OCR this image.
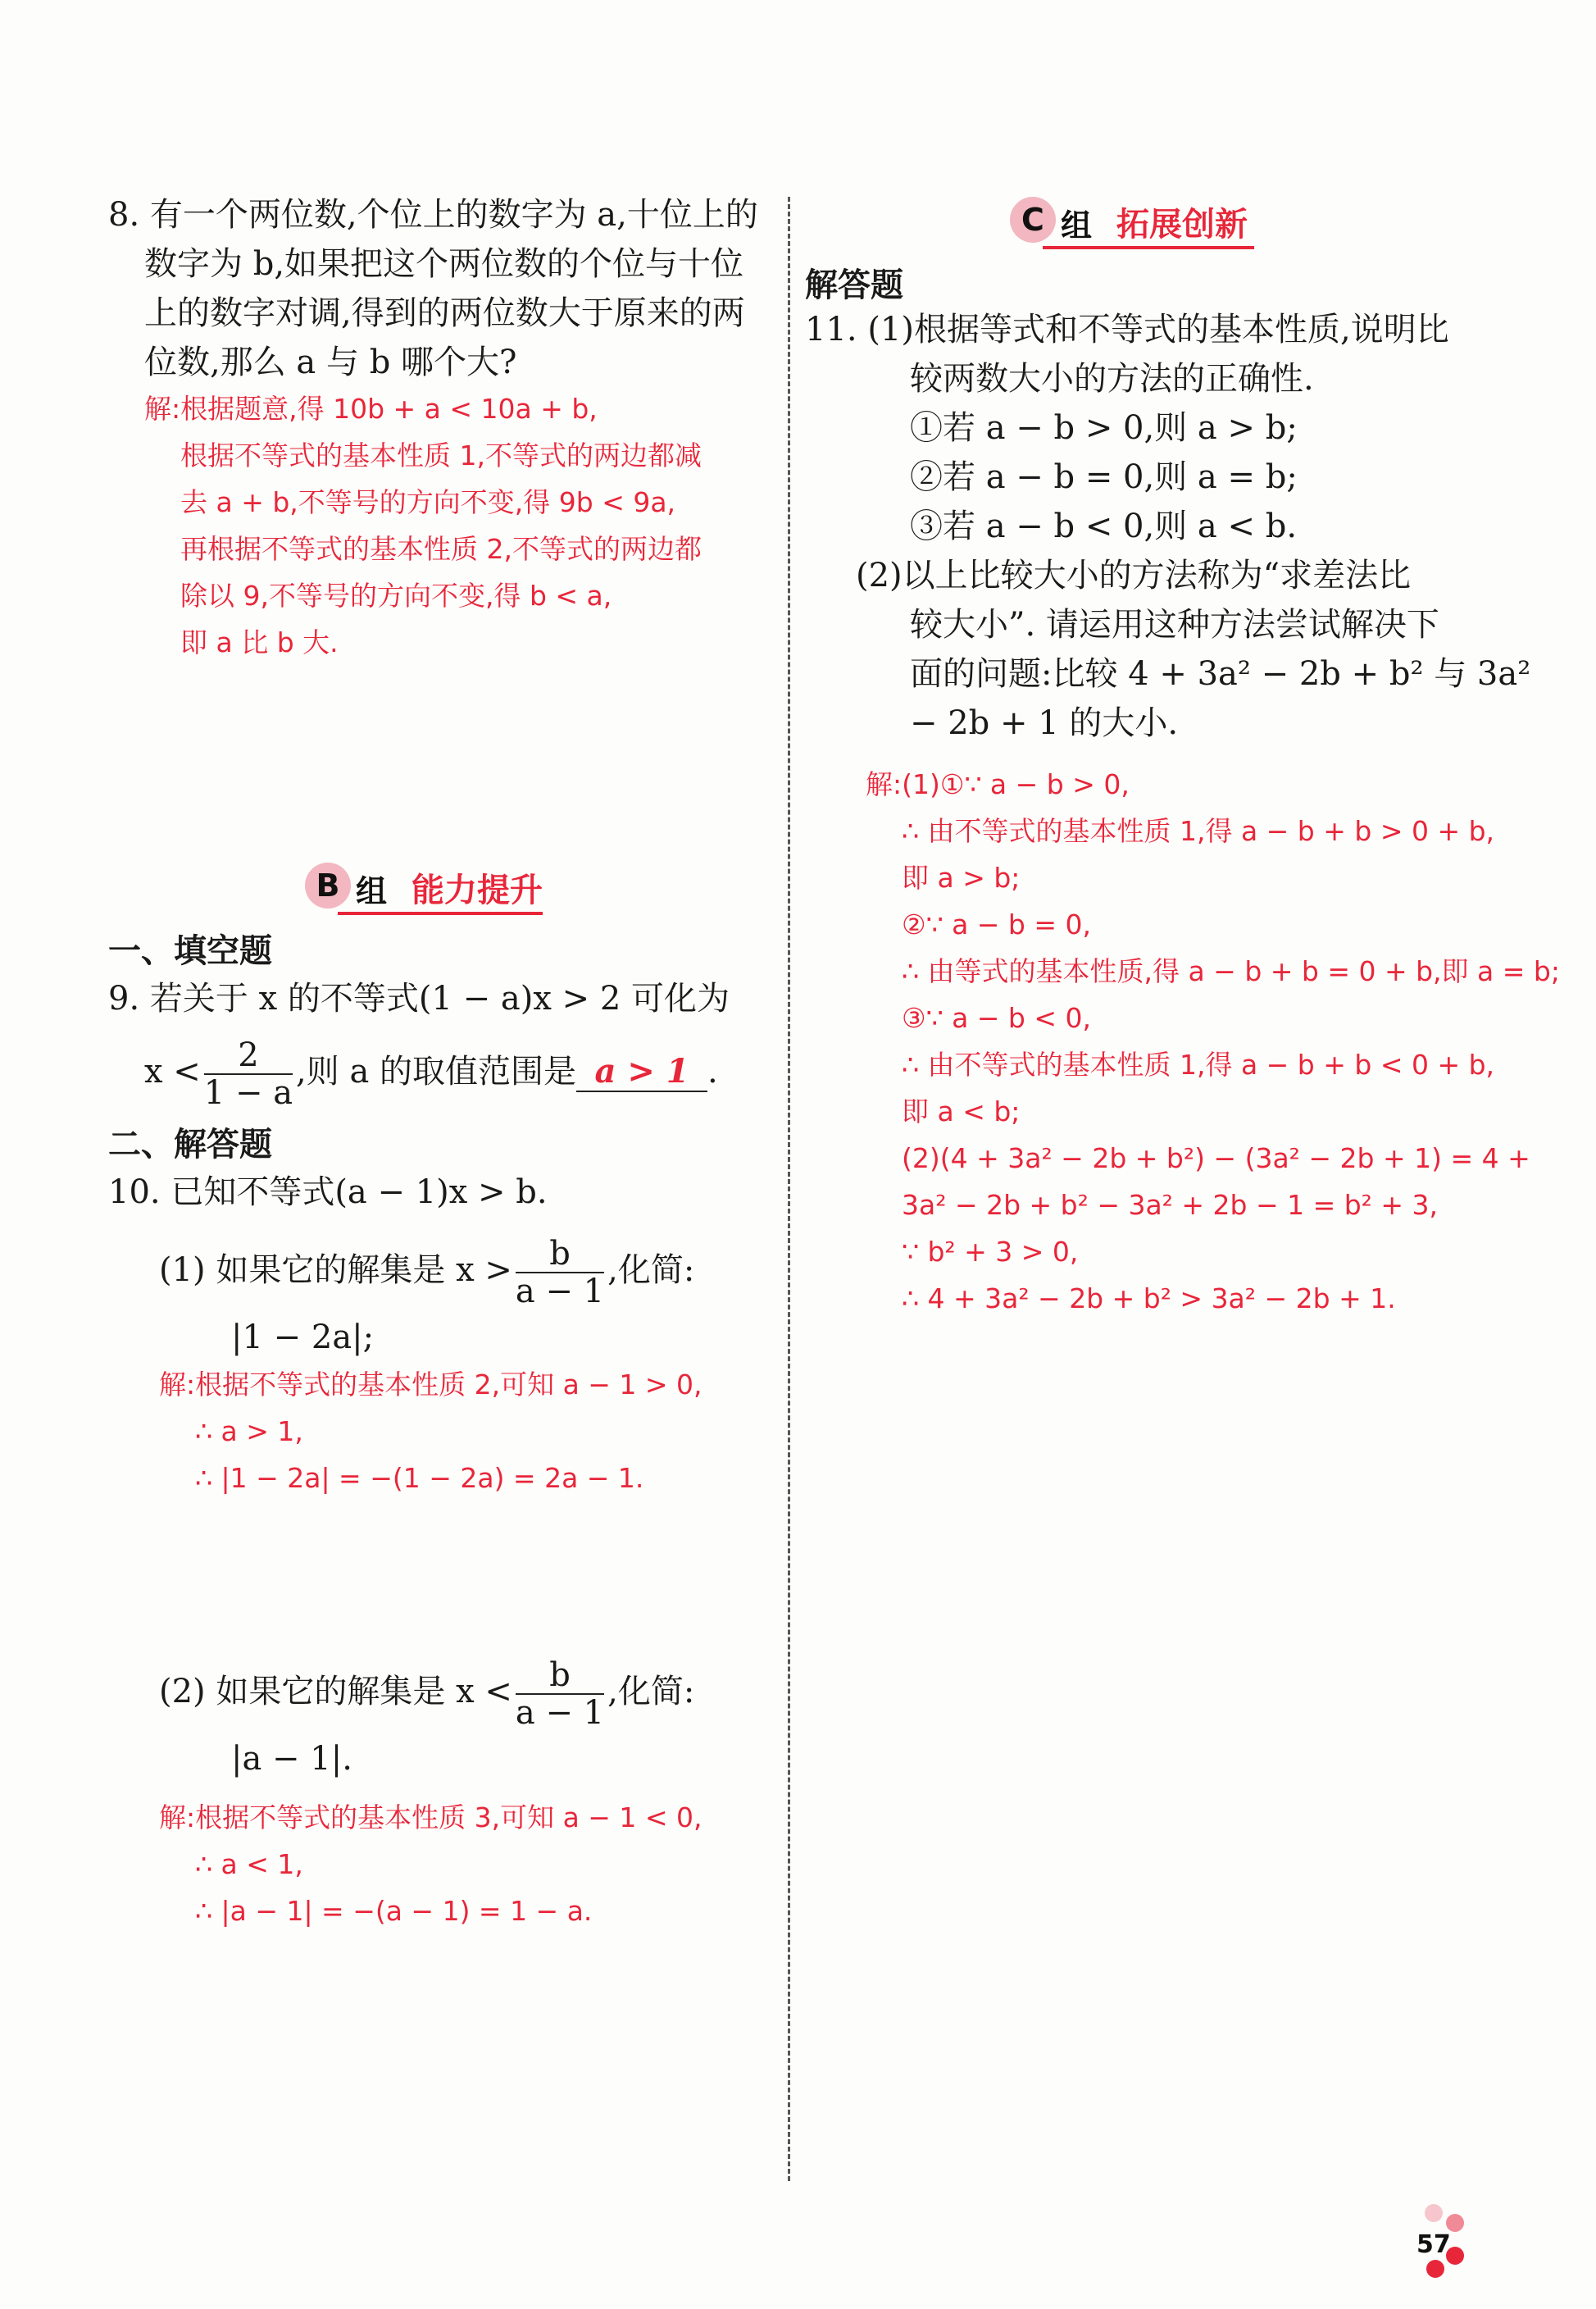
8. 有一个两位数,个位上的数字为 a,十位上的
数字为 b,如果把这个两位数的个位与十位
上的数字对调,得到的两位数大于原来的两
位数,那么 a 与 b 哪个大?
解:根据题意,得 10b + a < 10a + b,
根据不等式的基本性质 1,不等式的两边都减
去 a + b,不等号的方向不变,得 9b < 9a,
再根据不等式的基本性质 2,不等式的两边都
除以 9,不等号的方向不变,得 b < a,
即 a 比 b 大.
B 组 能力提升
一、填空题
9. 若关于 x 的不等式(1 − a)x > 2 可化为
$x < \frac{2}{1 - a}$ ,则 a 的取值范围是 a > 1 .
二、解答题
10. 已知不等式(a − 1)x > b.
(1) 如果它的解集是 $x > \frac{b}{a - 1}$ ,化简:
|1 − 2a|;
解:根据不等式的基本性质 2,可知 a − 1 > 0,
∴ a > 1,
∴ |1 − 2a| = −(1 − 2a) = 2a − 1.
(2) 如果它的解集是 $x < \frac{b}{a - 1}$ ,化简:
|a − 1|.
解:根据不等式的基本性质 3,可知 a − 1 < 0,
∴ a < 1,
∴ |a − 1| = −(a − 1) = 1 − a.
C 组 拓展创新
解答题
11. (1)根据等式和不等式的基本性质,说明比
较两数大小的方法的正确性.
①若 a − b > 0,则 a > b;
②若 a − b = 0,则 a = b;
③若 a − b < 0,则 a < b.
(2)以上比较大小的方法称为“求差法比
较大小”. 请运用这种方法尝试解决下
面的问题:比较 4 + 3a² − 2b + b² 与 3a²
− 2b + 1 的大小.
解:(1)①∵ a − b > 0,
∴ 由不等式的基本性质 1,得 a − b + b > 0 + b,
即 a > b;
②∵ a − b = 0,
∴ 由等式的基本性质,得 a − b + b = 0 + b,即 a = b;
③∵ a − b < 0,
∴ 由不等式的基本性质 1,得 a − b + b < 0 + b,
即 a < b;
(2)(4 + 3a² − 2b + b²) − (3a² − 2b + 1) = 4 +
3a² − 2b + b² − 3a² + 2b − 1 = b² + 3,
∵ b² + 3 > 0,
∴ 4 + 3a² − 2b + b² > 3a² − 2b + 1.
57
